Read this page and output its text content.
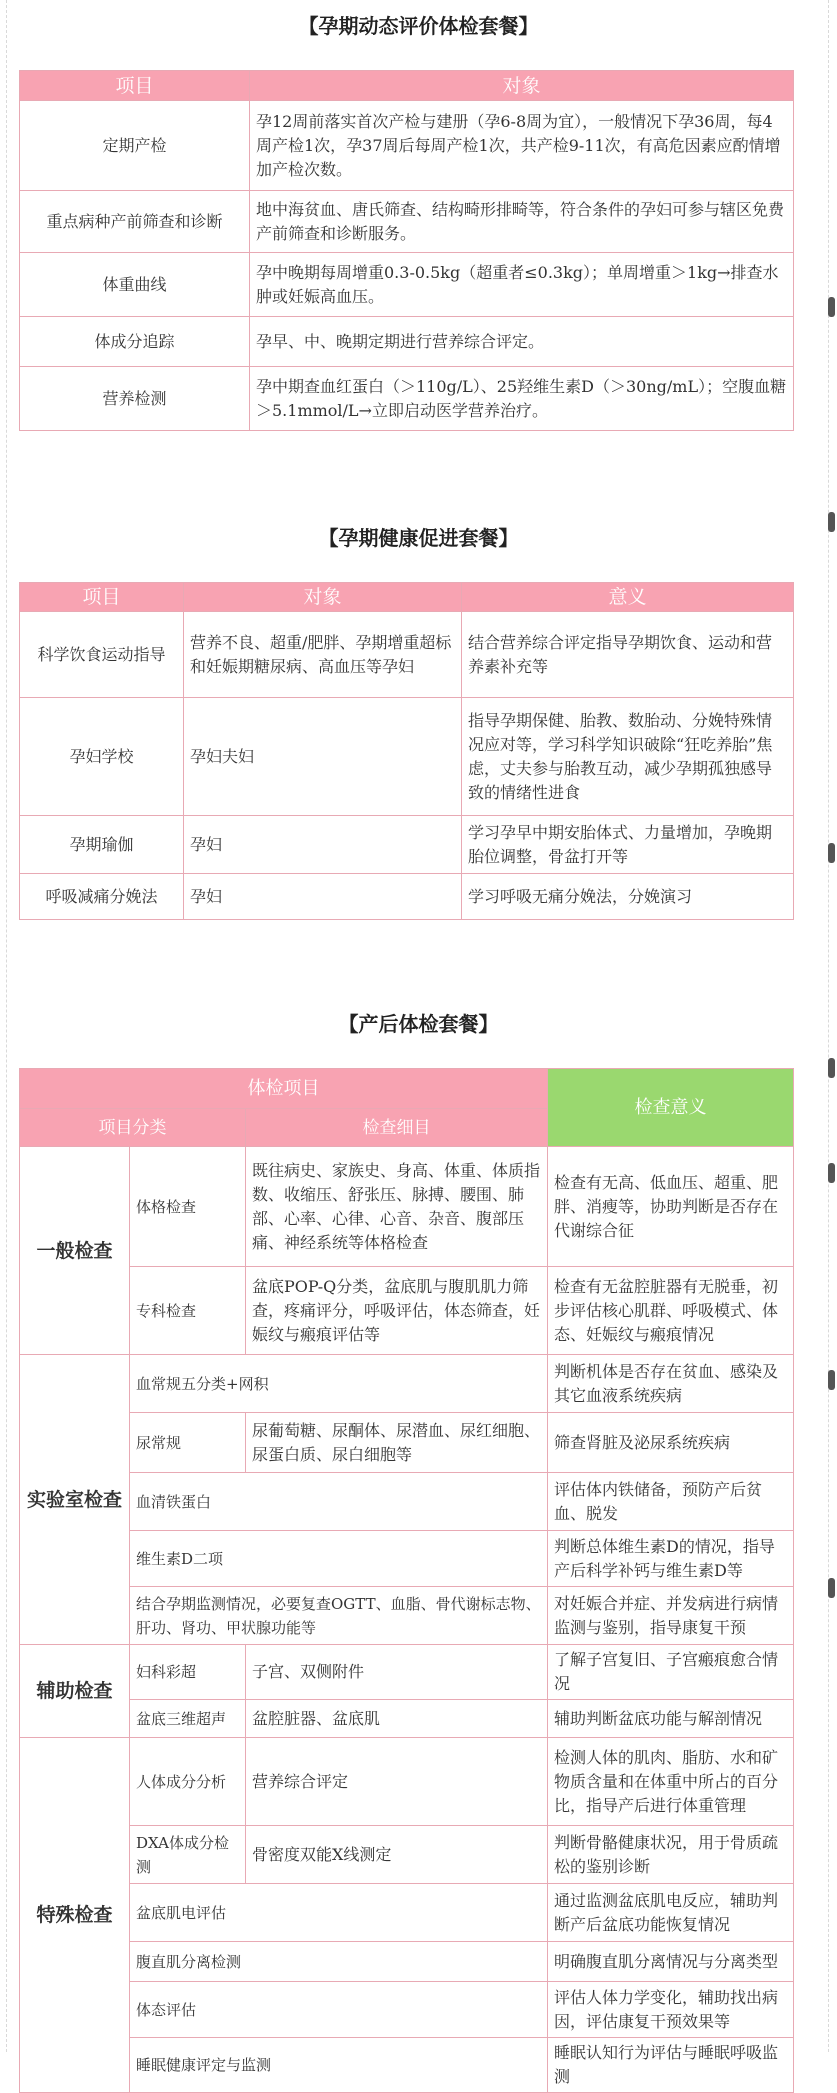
【孕期动态评价体检套餐】
项目	对象
定期产检	孕12周前落实首次产检与建册（孕6-8周为宜），一般情况下孕36周，每4周产检1次，孕37周后每周产检1次，共产检9-11次，有高危因素应酌情增加产检次数。
重点病种产前筛查和诊断	地中海贫血、唐氏筛查、结构畸形排畸等，符合条件的孕妇可参与辖区免费产前筛查和诊断服务。
体重曲线	孕中晚期每周增重0.3-0.5kg（超重者≤0.3kg）；单周增重＞1kg→排查水肿或妊娠高血压。
体成分追踪	孕早、中、晚期定期进行营养综合评定。
营养检测	孕中期查血红蛋白（＞110g/L）、25羟维生素D（＞30ng/mL）；空腹血糖＞5.1mmol/L→立即启动医学营养治疗。
【孕期健康促进套餐】
项目	对象	意义
科学饮食运动指导	营养不良、超重/肥胖、孕期增重超标和妊娠期糖尿病、高血压等孕妇	结合营养综合评定指导孕期饮食、运动和营养素补充等
孕妇学校	孕妇夫妇	指导孕期保健、胎教、数胎动、分娩特殊情况应对等，学习科学知识破除“狂吃养胎”焦虑，丈夫参与胎教互动，减少孕期孤独感导致的情绪性进食
孕期瑜伽	孕妇	学习孕早中期安胎体式、力量增加，孕晚期胎位调整，骨盆打开等
呼吸减痛分娩法	孕妇	学习呼吸无痛分娩法，分娩演习
【产后体检套餐】
体检项目			检查意义
项目分类		检查细目	
一般检查	体格检查	既往病史、家族史、身高、体重、体质指数、收缩压、舒张压、脉搏、腰围、肺部、心率、心律、心音、杂音、腹部压痛、神经系统等体格检查	检查有无高、低血压、超重、肥胖、消瘦等，协助判断是否存在代谢综合征
	专科检查	盆底POP-Q分类，盆底肌与腹肌肌力筛查，疼痛评分，呼吸评估，体态筛查，妊娠纹与瘢痕评估等	检查有无盆腔脏器有无脱垂，初步评估核心肌群、呼吸模式、体态、妊娠纹与瘢痕情况
实验室检查	血常规五分类+网积		判断机体是否存在贫血、感染及其它血液系统疾病
	尿常规	尿葡萄糖、尿酮体、尿潜血、尿红细胞、尿蛋白质、尿白细胞等	筛查肾脏及泌尿系统疾病
	血清铁蛋白		评估体内铁储备，预防产后贫血、脱发
	维生素D二项		判断总体维生素D的情况，指导产后科学补钙与维生素D等
	结合孕期监测情况，必要复查OGTT、血脂、骨代谢标志物、肝功、肾功、甲状腺功能等		对妊娠合并症、并发病进行病情监测与鉴别，指导康复干预
辅助检查	妇科彩超	子宫、双侧附件	了解子宫复旧、子宫瘢痕愈合情况
	盆底三维超声	盆腔脏器、盆底肌	辅助判断盆底功能与解剖情况
特殊检查	人体成分分析	营养综合评定	检测人体的肌肉、脂肪、水和矿物质含量和在体重中所占的百分比，指导产后进行体重管理
	DXA体成分检测	骨密度双能X线测定	判断骨骼健康状况，用于骨质疏松的鉴别诊断
	盆底肌电评估		通过监测盆底肌电反应，辅助判断产后盆底功能恢复情况
	腹直肌分离检测		明确腹直肌分离情况与分离类型
	体态评估		评估人体力学变化，辅助找出病因，评估康复干预效果等
	睡眠健康评定与监测		睡眠认知行为评估与睡眠呼吸监测
